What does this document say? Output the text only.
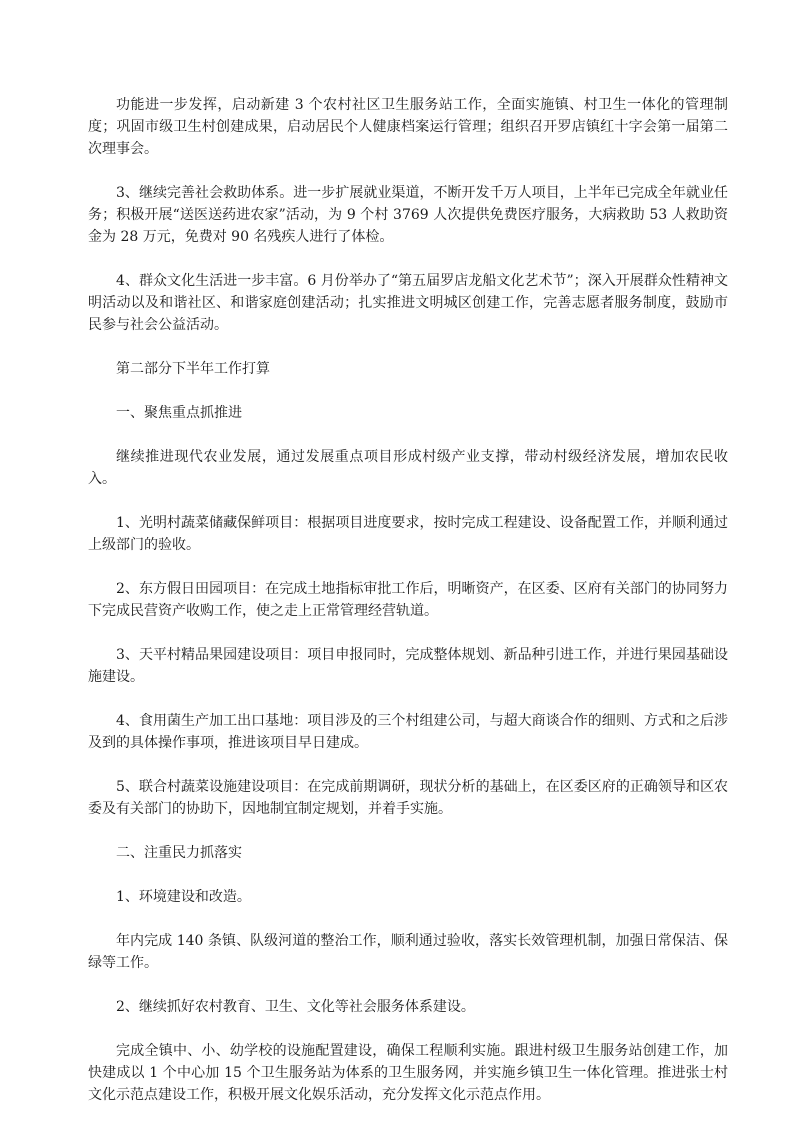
功能进一步发挥，启动新建 3 个农村社区卫生服务站工作，全面实施镇、村卫生一体化的管理制度；巩固市级卫生村创建成果，启动居民个人健康档案运行管理；组织召开罗店镇红十字会第一届第二次理事会。

3、继续完善社会救助体系。进一步扩展就业渠道，不断开发千万人项目，上半年已完成全年就业任务；积极开展“送医送药进农家”活动，为 9 个村 3769 人次提供免费医疗服务，大病救助 53 人救助资金为 28 万元，免费对 90 名残疾人进行了体检。

4、群众文化生活进一步丰富。6 月份举办了“第五届罗店龙船文化艺术节”；深入开展群众性精神文明活动以及和谐社区、和谐家庭创建活动；扎实推进文明城区创建工作，完善志愿者服务制度，鼓励市民参与社会公益活动。

第二部分下半年工作打算

一、聚焦重点抓推进

继续推进现代农业发展，通过发展重点项目形成村级产业支撑，带动村级经济发展，增加农民收入。

1、光明村蔬菜储藏保鲜项目：根据项目进度要求，按时完成工程建设、设备配置工作，并顺利通过上级部门的验收。

2、东方假日田园项目：在完成土地指标审批工作后，明晰资产，在区委、区府有关部门的协同努力下完成民营资产收购工作，使之走上正常管理经营轨道。

3、天平村精品果园建设项目：项目申报同时，完成整体规划、新品种引进工作，并进行果园基础设施建设。

4、食用菌生产加工出口基地：项目涉及的三个村组建公司，与超大商谈合作的细则、方式和之后涉及到的具体操作事项，推进该项目早日建成。

5、联合村蔬菜设施建设项目：在完成前期调研，现状分析的基础上，在区委区府的正确领导和区农委及有关部门的协助下，因地制宜制定规划，并着手实施。

二、注重民力抓落实

1、环境建设和改造。

年内完成 140 条镇、队级河道的整治工作，顺利通过验收，落实长效管理机制，加强日常保洁、保绿等工作。

2、继续抓好农村教育、卫生、文化等社会服务体系建设。

完成全镇中、小、幼学校的设施配置建设，确保工程顺利实施。跟进村级卫生服务站创建工作，加快建成以 1 个中心加 15 个卫生服务站为体系的卫生服务网，并实施乡镇卫生一体化管理。推进张士村文化示范点建设工作，积极开展文化娱乐活动，充分发挥文化示范点作用。
